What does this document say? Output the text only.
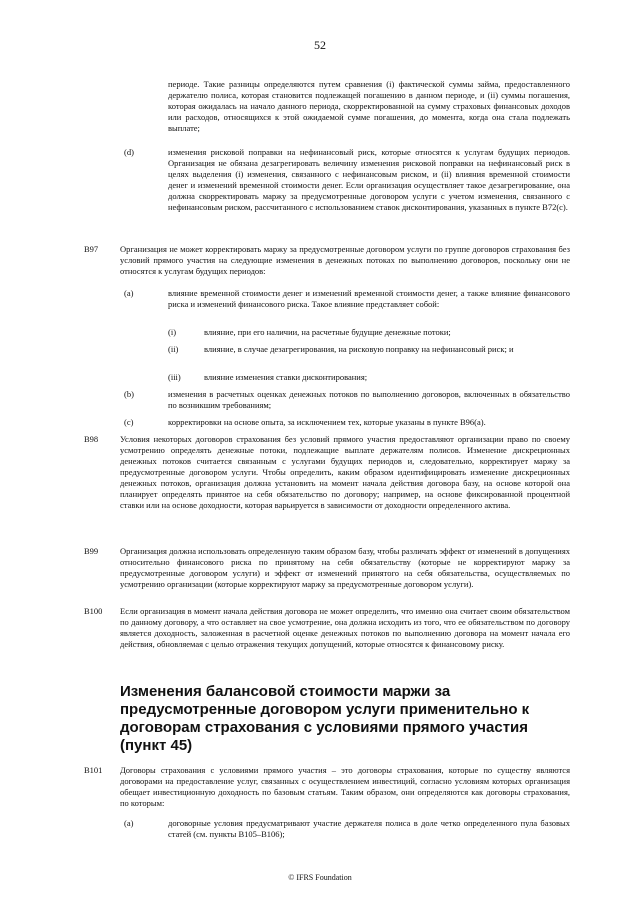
52
периоде. Такие разницы определяются путем сравнения (i) фактической суммы займа, предоставленного держателю полиса, которая становится подлежащей погашению в данном периоде, и (ii) суммы погашения, которая ожидалась на начало данного периода, скорректированной на сумму страховых финансовых доходов или расходов, относящихся к этой ожидаемой сумме погашения, до момента, когда она стала подлежать выплате;
(d)	изменения рисковой поправки на нефинансовый риск, которые относятся к услугам будущих периодов. Организация не обязана дезагрегировать величину изменения рисковой поправки на нефинансовый риск в целях выделения (i) изменения, связанного с нефинансовым риском, и (ii) влияния временной стоимости денег и изменений временной стоимости денег. Если организация осуществляет такое дезагрегирование, она должна скорректировать маржу за предусмотренные договором услуги с учетом изменения, связанного с нефинансовым риском, рассчитанного с использованием ставок дисконтирования, указанных в пункте В72(с).
В97	Организация не может корректировать маржу за предусмотренные договором услуги по группе договоров страхования без условий прямого участия на следующие изменения в денежных потоках по выполнению договоров, поскольку они не относятся к услугам будущих периодов:
(а)	влияние временной стоимости денег и изменений временной стоимости денег, а также влияние финансового риска и изменений финансового риска. Такое влияние представляет собой:
(i)	влияние, при его наличии, на расчетные будущие денежные потоки;
(ii)	влияние, в случае дезагрегирования, на рисковую поправку на нефинансовый риск; и
(iii)	влияние изменения ставки дисконтирования;
(b)	изменения в расчетных оценках денежных потоков по выполнению договоров, включенных в обязательство по возникшим требованиям;
(с)	корректировки на основе опыта, за исключением тех, которые указаны в пункте В96(а).
В98	Условия некоторых договоров страхования без условий прямого участия предоставляют организации право по своему усмотрению определять денежные потоки, подлежащие выплате держателям полисов. Изменение дискреционных денежных потоков считается связанным с услугами будущих периодов и, следовательно, корректирует маржу за предусмотренные договором услуги. Чтобы определить, каким образом идентифицировать изменение дискреционных денежных потоков, организация должна установить на момент начала действия договора базу, на основе которой она планирует определять принятое на себя обязательство по договору; например, на основе фиксированной процентной ставки или на основе доходности, которая варьируется в зависимости от доходности определенного актива.
В99	Организация должна использовать определенную таким образом базу, чтобы различать эффект от изменений в допущениях относительно финансового риска по принятому на себя обязательству (которые не корректируют маржу за предусмотренные договором услуги) и эффект от изменений принятого на себя обязательства, осуществляемых по усмотрению организации (которые корректируют маржу за предусмотренные договором услуги).
В100 Если организация в момент начала действия договора не может определить, что именно она считает своим обязательством по данному договору, а что оставляет на свое усмотрение, она должна исходить из того, что ее обязательством по договору является доходность, заложенная в расчетной оценке денежных потоков по выполнению договора на момент начала его действия, обновляемая с целью отражения текущих допущений, которые относятся к финансовому риску.
Изменения балансовой стоимости маржи за предусмотренные договором услуги применительно к договорам страхования с условиями прямого участия (пункт 45)
В101 Договоры страхования с условиями прямого участия – это договоры страхования, которые по существу являются договорами на предоставление услуг, связанных с осуществлением инвестиций, согласно условиям которых организация обещает инвестиционную доходность по базовым статьям. Таким образом, они определяются как договоры страхования, по которым:
(а)	договорные условия предусматривают участие держателя полиса в доле четко определенного пула базовых статей (см. пункты В105–В106);
© IFRS Foundation
